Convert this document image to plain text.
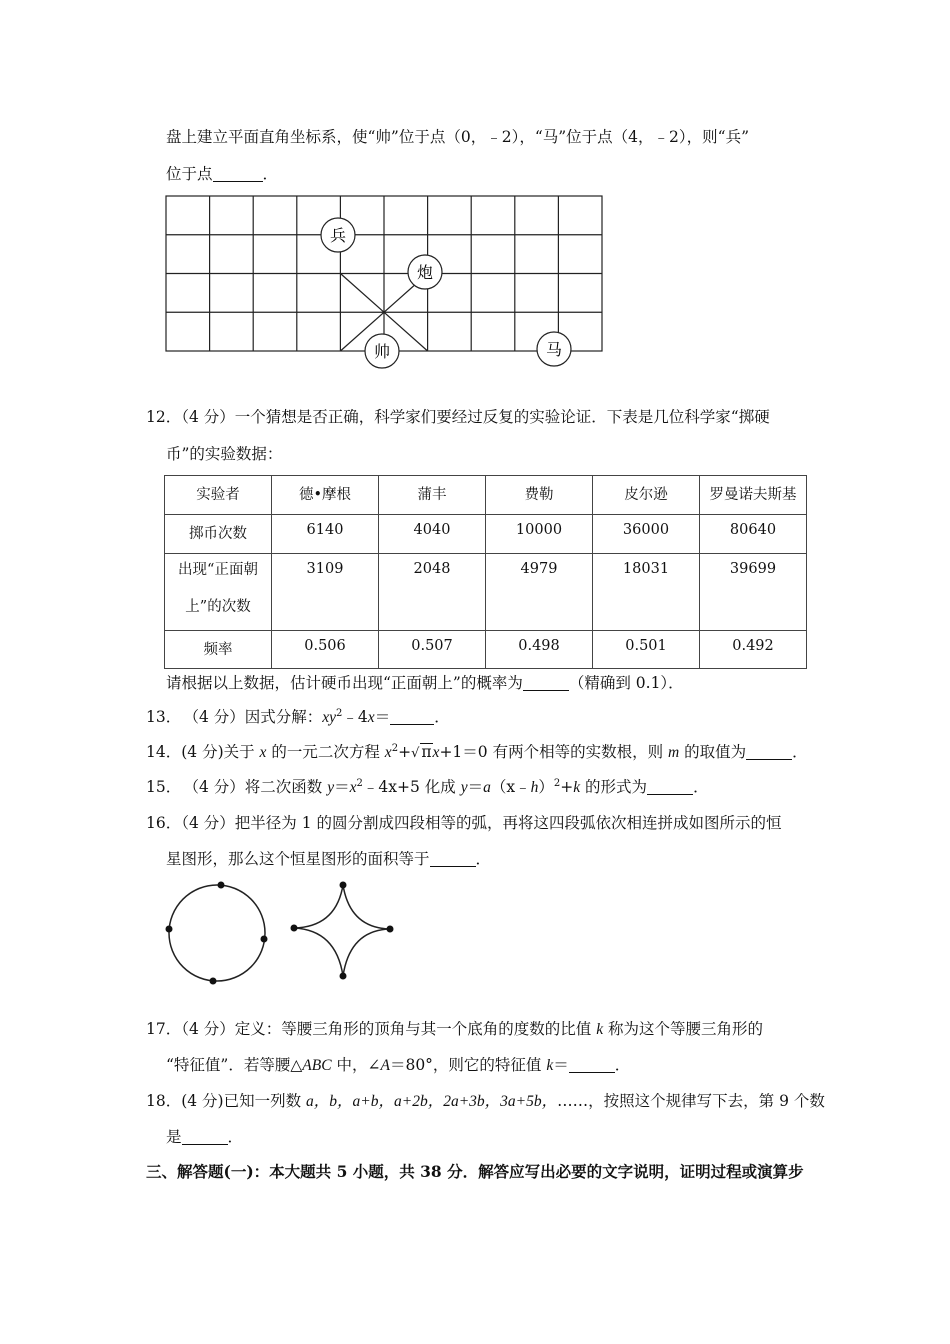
盘上建立平面直角坐标系，使“帅”位于点（0，﹣2），“马”位于点（4，﹣2），则“兵”
位于点	．
兵
炮
帅	马
12．（4 分）一个猜想是否正确，科学家们要经过反复的实验论证．下表是几位科学家“掷硬
币”的实验数据：
实验者	德•摩根	蒲丰	费勒	皮尔逊	罗曼诺夫斯基
掷币次数	6140	4040	10000	36000	80640

出现“正面朝
上”的次数	3109	2048	4979	18031	39699
频率	0.506	0.507	0.498	0.501	0.492
请根据以上数据，估计硬币出现“正面朝上”的概率为	（精确到 0.1）．
13． （4 分）因式分解：$xy^2﹣4x=$	．
14．(4 分)关于 x 的一元二次方程 $x^2+√$ πx+1＝0 有两个相等的实数根，则 m 的取值为	．
15． （4 分）将二次函数 $y=x^2﹣4x+5$ 化成 y＝a（x﹣h）$^2$+k 的形式为	．
16．（4 分）把半径为 1 的圆分割成四段相等的弧，再将这四段弧依次相连拼成如图所示的恒
星图形，那么这个恒星图形的面积等于	．
17．（4 分）定义：等腰三角形的顶角与其一个底角的度数的比值 k 称为这个等腰三角形的
“特征值”．若等腰△ABC 中，∠A＝80°，则它的特征值 k＝	．
18．(4 分)已知一列数 a，b，a+b，a+2b，2a+3b，3a+5b，……，按照这个规律写下去，第 9 个数
是	．
三、解答题(一)：本大题共 5 小题，共 38 分．解答应写出必要的文字说明，证明过程或演算步
